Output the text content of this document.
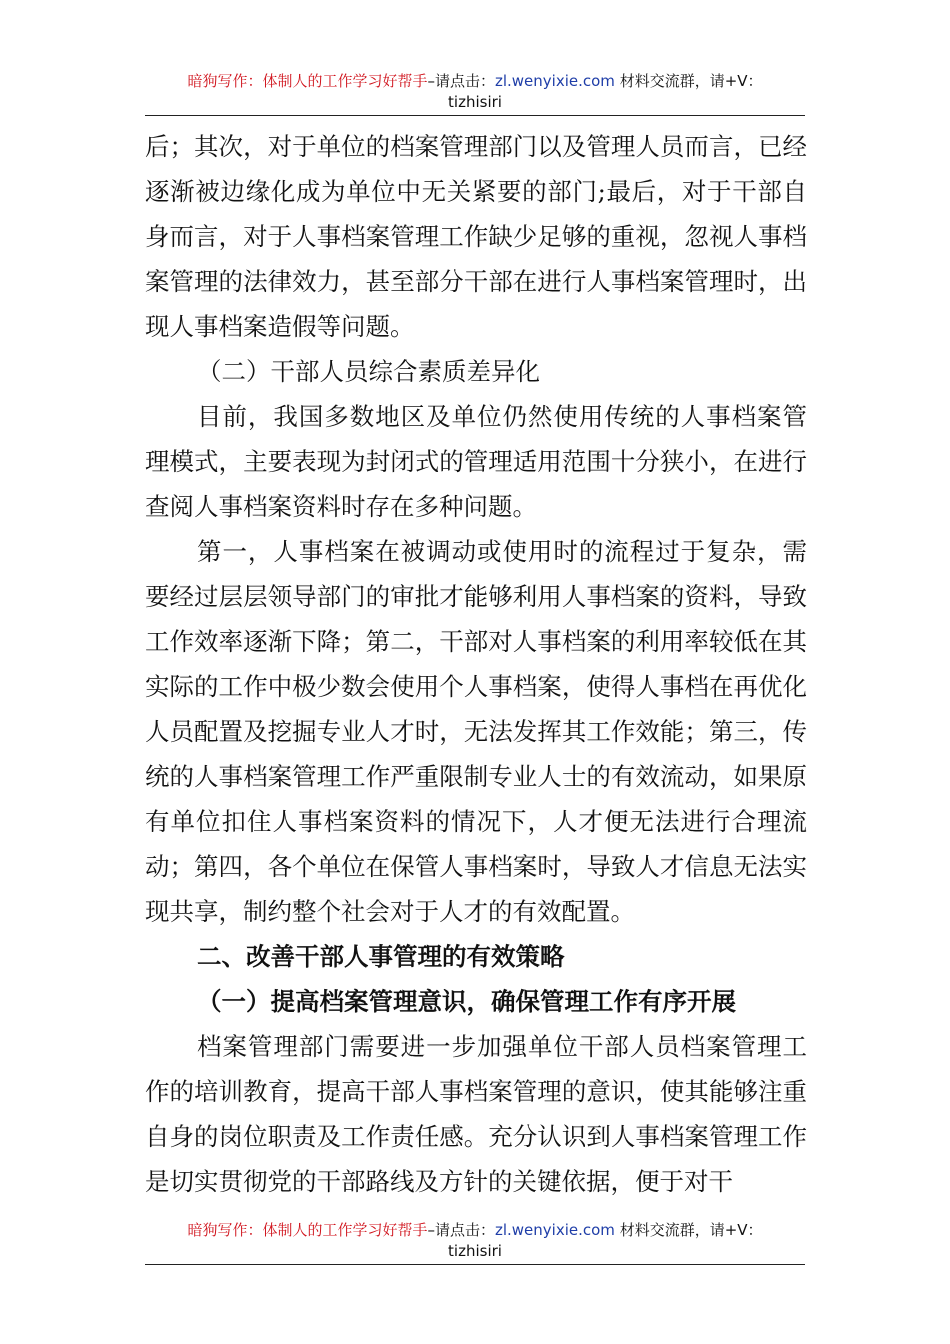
暗狗写作：体制人的工作学习好帮手–请点击：zl.wenyixie.com 材料交流群，请+V：
tizhisiri

后；其次，对于单位的档案管理部门以及管理人员而言，已经逐渐被边缘化成为单位中无关紧要的部门;最后，对于干部自身而言，对于人事档案管理工作缺少足够的重视，忽视人事档案管理的法律效力，甚至部分干部在进行人事档案管理时，出现人事档案造假等问题。

（二）干部人员综合素质差异化

目前，我国多数地区及单位仍然使用传统的人事档案管理模式，主要表现为封闭式的管理适用范围十分狭小，在进行查阅人事档案资料时存在多种问题。

第一，人事档案在被调动或使用时的流程过于复杂，需要经过层层领导部门的审批才能够利用人事档案的资料，导致工作效率逐渐下降；第二，干部对人事档案的利用率较低在其实际的工作中极少数会使用个人事档案，使得人事档在再优化人员配置及挖掘专业人才时，无法发挥其工作效能；第三，传统的人事档案管理工作严重限制专业人士的有效流动，如果原有单位扣住人事档案资料的情况下，人才便无法进行合理流动；第四，各个单位在保管人事档案时，导致人才信息无法实现共享，制约整个社会对于人才的有效配置。

二、改善干部人事管理的有效策略

（一）提高档案管理意识，确保管理工作有序开展

档案管理部门需要进一步加强单位干部人员档案管理工作的培训教育，提高干部人事档案管理的意识，使其能够注重自身的岗位职责及工作责任感。充分认识到人事档案管理工作是切实贯彻党的干部路线及方针的关键依据，便于对干

暗狗写作：体制人的工作学习好帮手–请点击：zl.wenyixie.com 材料交流群，请+V：
tizhisiri
